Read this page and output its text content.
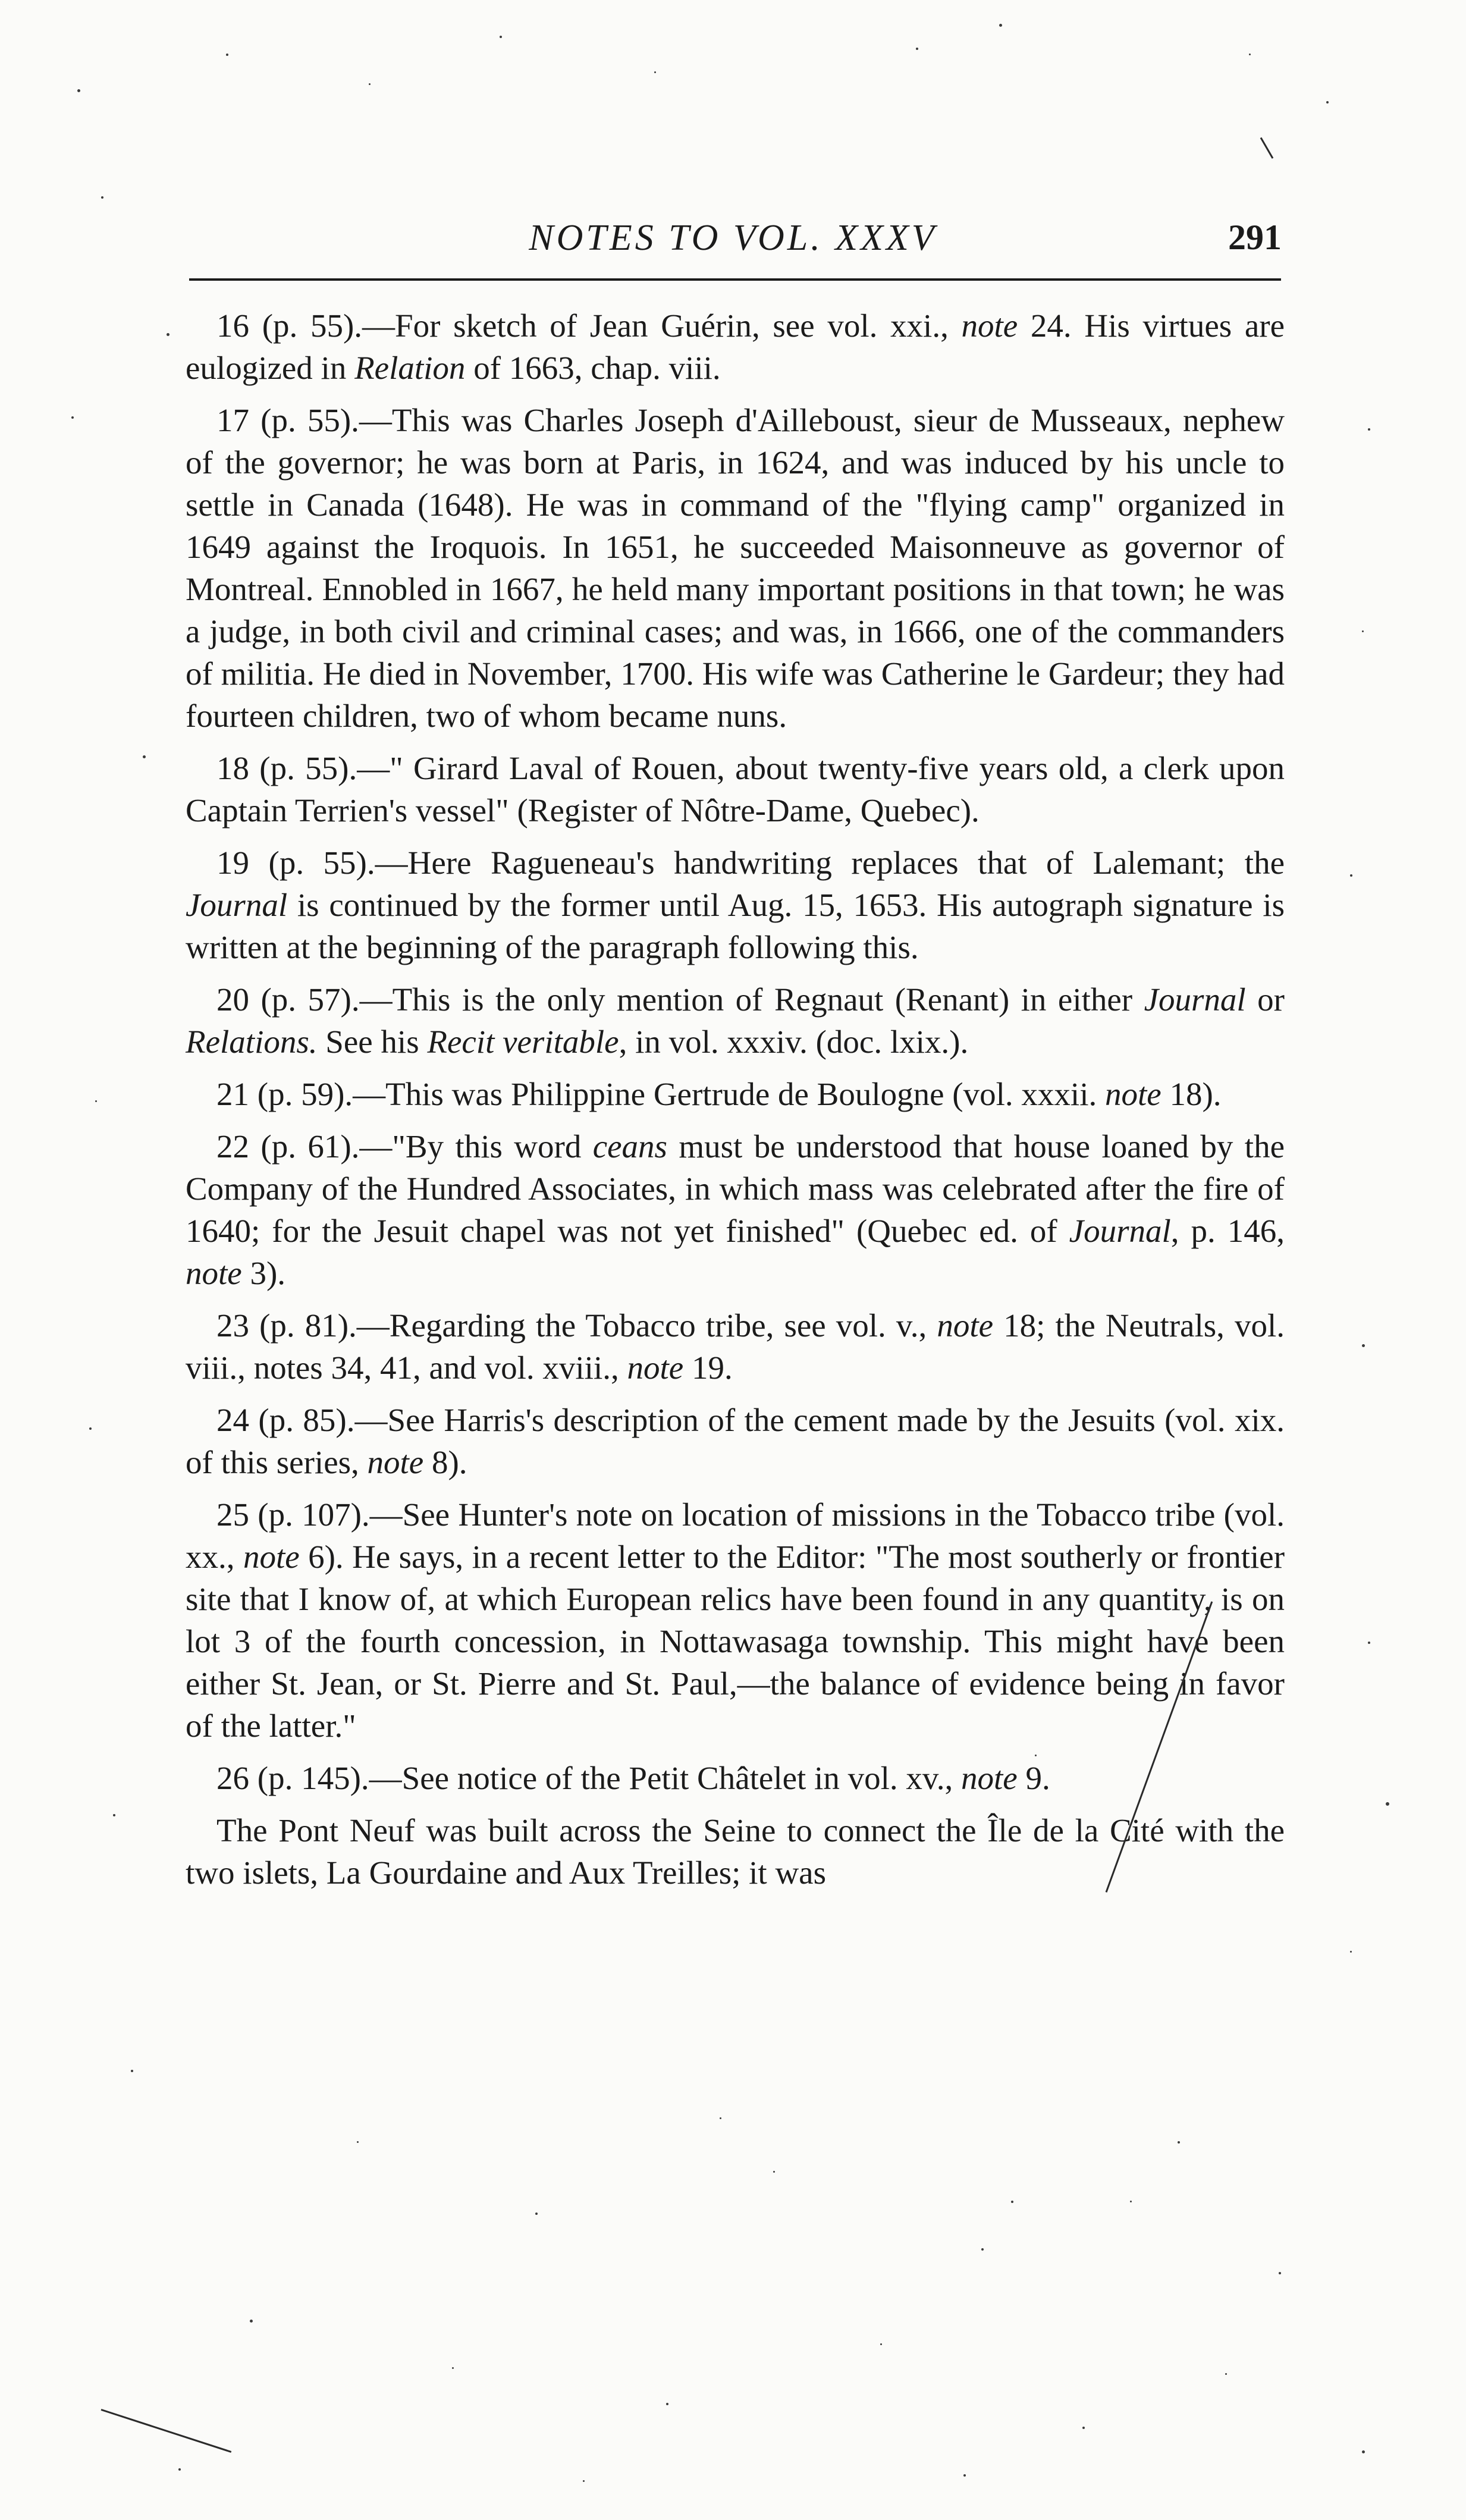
NOTES TO VOL. XXXV	291

16 (p. 55).—For sketch of Jean Guérin, see vol. xxi., note 24. His virtues are eulogized in Relation of 1663, chap. viii.

17 (p. 55).—This was Charles Joseph d'Ailleboust, sieur de Musseaux, nephew of the governor; he was born at Paris, in 1624, and was induced by his uncle to settle in Canada (1648). He was in command of the "flying camp" organized in 1649 against the Iroquois. In 1651, he succeeded Maisonneuve as governor of Montreal. Ennobled in 1667, he held many important positions in that town; he was a judge, in both civil and criminal cases; and was, in 1666, one of the commanders of militia. He died in November, 1700. His wife was Catherine le Gardeur; they had fourteen children, two of whom became nuns.

18 (p. 55).—" Girard Laval of Rouen, about twenty-five years old, a clerk upon Captain Terrien's vessel" (Register of Nôtre-Dame, Quebec).

19 (p. 55).—Here Ragueneau's handwriting replaces that of Lalemant; the Journal is continued by the former until Aug. 15, 1653. His autograph signature is written at the beginning of the paragraph following this.

20 (p. 57).—This is the only mention of Regnaut (Renant) in either Journal or Relations. See his Recit veritable, in vol. xxxiv. (doc. lxix.).

21 (p. 59).—This was Philippine Gertrude de Boulogne (vol. xxxii. note 18).

22 (p. 61).—"By this word ceans must be understood that house loaned by the Company of the Hundred Associates, in which mass was celebrated after the fire of 1640; for the Jesuit chapel was not yet finished" (Quebec ed. of Journal, p. 146, note 3).

23 (p. 81).—Regarding the Tobacco tribe, see vol. v., note 18; the Neutrals, vol. viii., notes 34, 41, and vol. xviii., note 19.

24 (p. 85).—See Harris's description of the cement made by the Jesuits (vol. xix. of this series, note 8).

25 (p. 107).—See Hunter's note on location of missions in the Tobacco tribe (vol. xx., note 6). He says, in a recent letter to the Editor: "The most southerly or frontier site that I know of, at which European relics have been found in any quantity, is on lot 3 of the fourth concession, in Nottawasaga township. This might have been either St. Jean, or St. Pierre and St. Paul,—the balance of evidence being in favor of the latter."

26 (p. 145).—See notice of the Petit Châtelet in vol. xv., note 9.

The Pont Neuf was built across the Seine to connect the Île de la Cité with the two islets, La Gourdaine and Aux Treilles; it was
